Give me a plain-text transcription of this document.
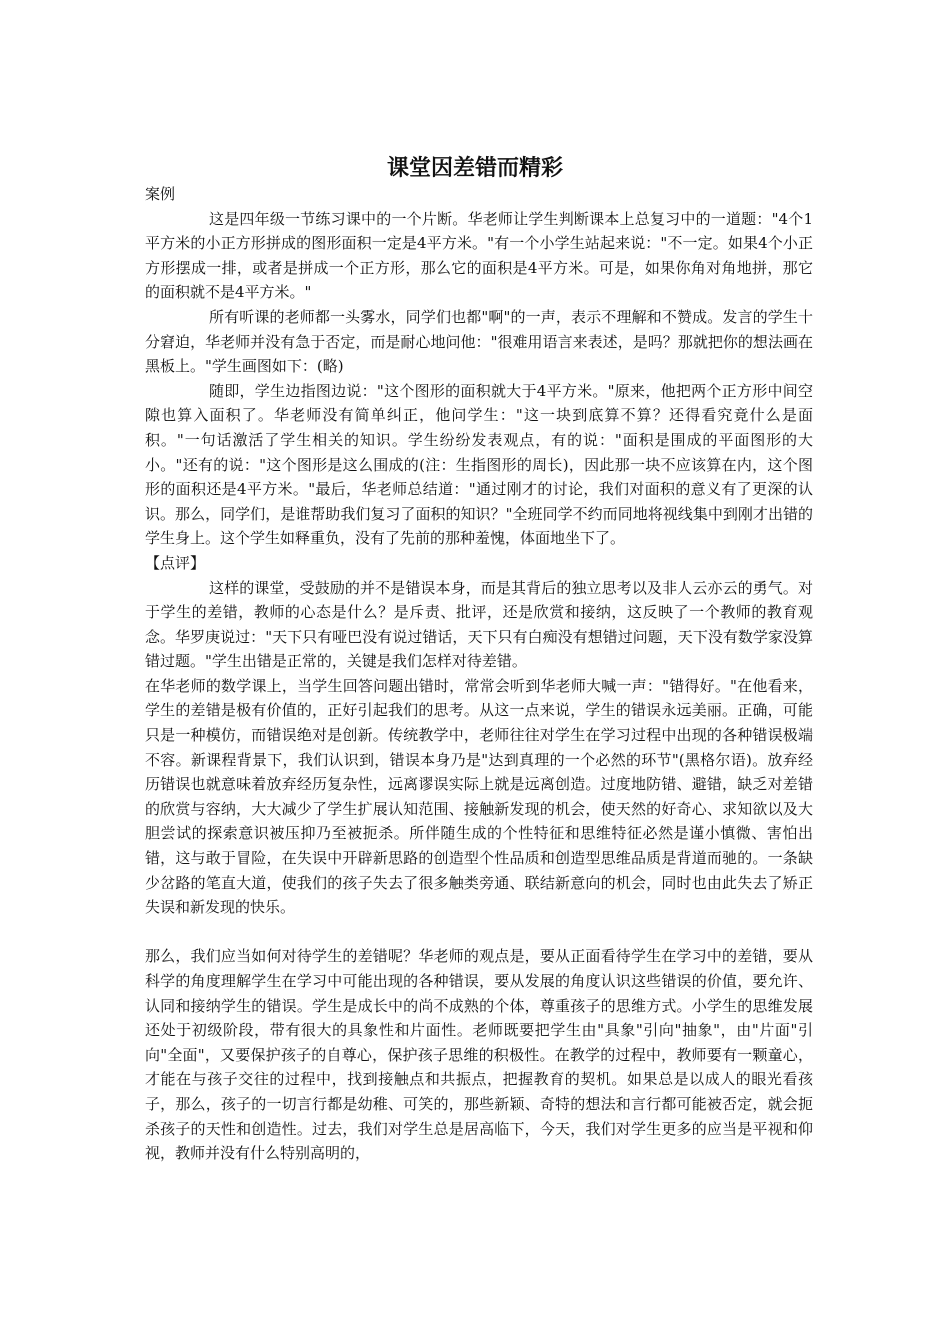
课堂因差错而精彩

案例

这是四年级一节练习课中的一个片断。华老师让学生判断课本上总复习中的一道题："4个1平方米的小正方形拼成的图形面积一定是4平方米。"有一个小学生站起来说："不一定。如果4个小正方形摆成一排，或者是拼成一个正方形，那么它的面积是4平方米。可是，如果你角对角地拼，那它的面积就不是4平方米。"

所有听课的老师都一头雾水，同学们也都"啊"的一声，表示不理解和不赞成。发言的学生十分窘迫，华老师并没有急于否定，而是耐心地问他："很难用语言来表述，是吗？那就把你的想法画在黑板上。"学生画图如下：(略)

随即，学生边指图边说："这个图形的面积就大于4平方米。"原来，他把两个正方形中间空隙也算入面积了。华老师没有简单纠正，他问学生："这一块到底算不算？还得看究竟什么是面积。"一句话激活了学生相关的知识。学生纷纷发表观点，有的说："面积是围成的平面图形的大小。"还有的说："这个图形是这么围成的(注：生指图形的周长)，因此那一块不应该算在内，这个图形的面积还是4平方米。"最后，华老师总结道："通过刚才的讨论，我们对面积的意义有了更深的认识。那么，同学们，是谁帮助我们复习了面积的知识？"全班同学不约而同地将视线集中到刚才出错的学生身上。这个学生如释重负，没有了先前的那种羞愧，体面地坐下了。

【点评】

这样的课堂，受鼓励的并不是错误本身，而是其背后的独立思考以及非人云亦云的勇气。对于学生的差错，教师的心态是什么？是斥责、批评，还是欣赏和接纳，这反映了一个教师的教育观念。华罗庚说过："天下只有哑巴没有说过错话，天下只有白痴没有想错过问题，天下没有数学家没算错过题。"学生出错是正常的，关键是我们怎样对待差错。

在华老师的数学课上，当学生回答问题出错时，常常会听到华老师大喊一声："错得好。"在他看来，学生的差错是极有价值的，正好引起我们的思考。从这一点来说，学生的错误永远美丽。正确，可能只是一种模仿，而错误绝对是创新。传统教学中，老师往往对学生在学习过程中出现的各种错误极端不容。新课程背景下，我们认识到，错误本身乃是"达到真理的一个必然的环节"(黑格尔语)。放弃经历错误也就意味着放弃经历复杂性，远离谬误实际上就是远离创造。过度地防错、避错，缺乏对差错的欣赏与容纳，大大减少了学生扩展认知范围、接触新发现的机会，使天然的好奇心、求知欲以及大胆尝试的探索意识被压抑乃至被扼杀。所伴随生成的个性特征和思维特征必然是谨小慎微、害怕出错，这与敢于冒险，在失误中开辟新思路的创造型个性品质和创造型思维品质是背道而驰的。一条缺少岔路的笔直大道，使我们的孩子失去了很多触类旁通、联结新意向的机会，同时也由此失去了矫正失误和新发现的快乐。

那么，我们应当如何对待学生的差错呢？华老师的观点是，要从正面看待学生在学习中的差错，要从科学的角度理解学生在学习中可能出现的各种错误，要从发展的角度认识这些错误的价值，要允许、认同和接纳学生的错误。学生是成长中的尚不成熟的个体，尊重孩子的思维方式。小学生的思维发展还处于初级阶段，带有很大的具象性和片面性。老师既要把学生由"具象"引向"抽象"，由"片面"引向"全面"，又要保护孩子的自尊心，保护孩子思维的积极性。在教学的过程中，教师要有一颗童心，才能在与孩子交往的过程中，找到接触点和共振点，把握教育的契机。如果总是以成人的眼光看孩子，那么，孩子的一切言行都是幼稚、可笑的，那些新颖、奇特的想法和言行都可能被否定，就会扼杀孩子的天性和创造性。过去，我们对学生总是居高临下，今天，我们对学生更多的应当是平视和仰视，教师并没有什么特别高明的，
